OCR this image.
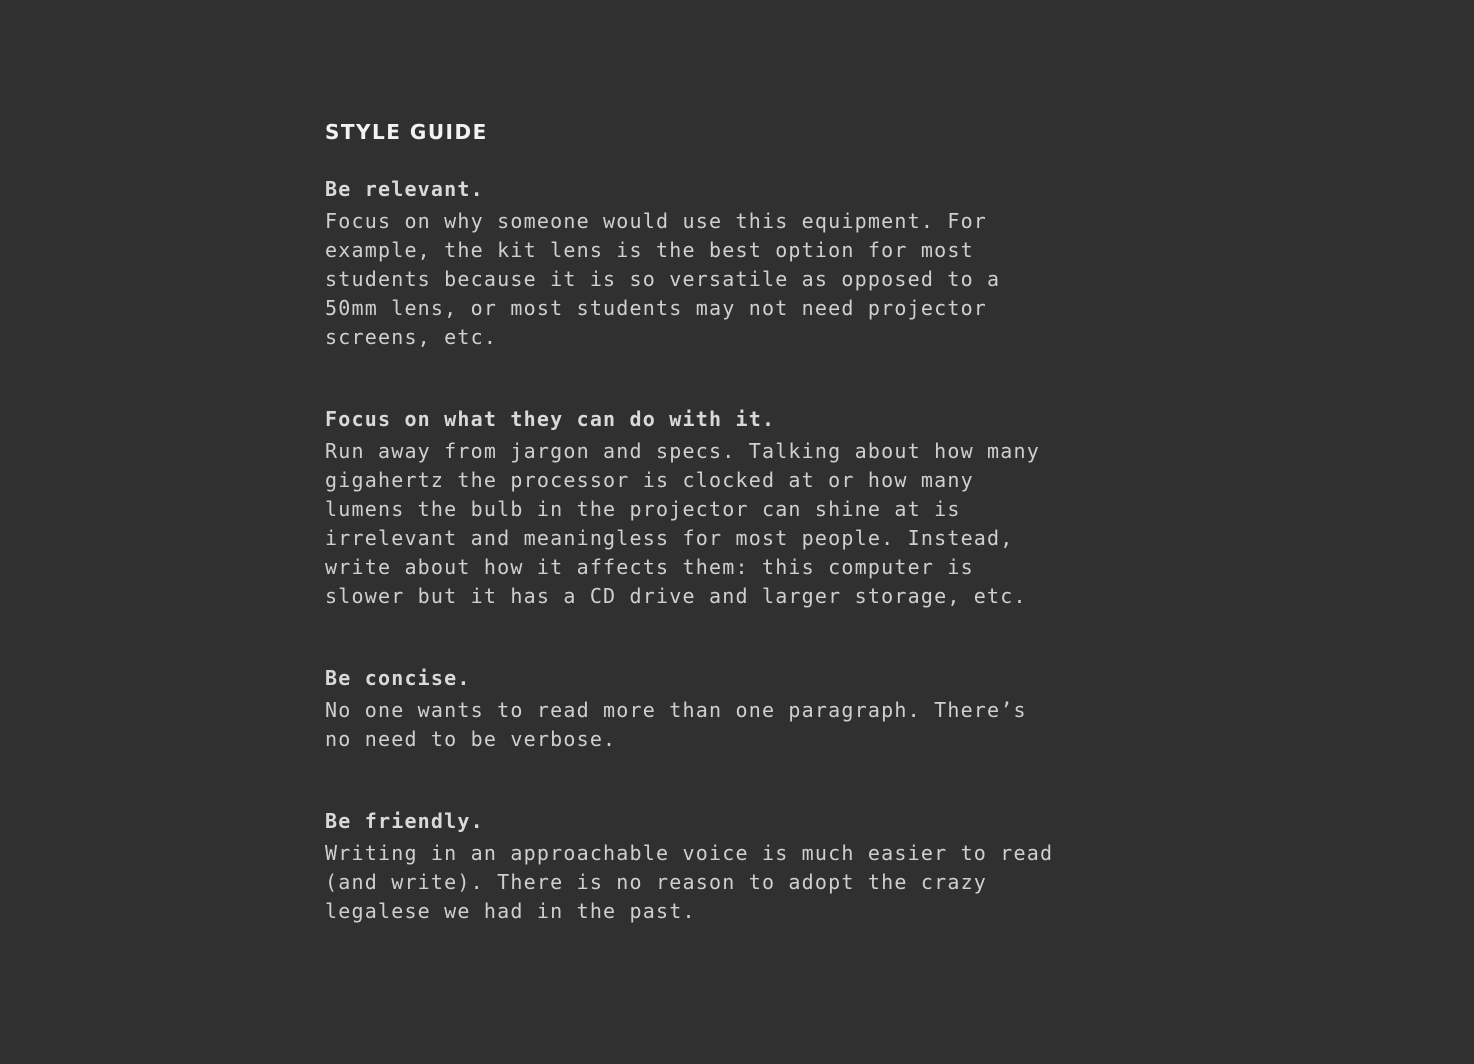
STYLE GUIDE
Be relevant.

Focus on why someone would use this equipment. For
example, the kit lens is the best option for most
students because it is so versatile as opposed to a
50mm lens, or most students may not need projector
screens, etc.

Focus on what they can do with it.

Run away from jargon and specs. Talking about how many
gigahertz the processor is clocked at or how many
lumens the bulb in the projector can shine at is
irrelevant and meaningless for most people. Instead,
write about how it affects them: this computer is
slower but it has a CD drive and larger storage, etc.

Be concise.

No one wants to read more than one paragraph. There’s
no need to be verbose.

Be friendly.

Writing in an approachable voice is much easier to read
(and write). There is no reason to adopt the crazy
legalese we had in the past.
